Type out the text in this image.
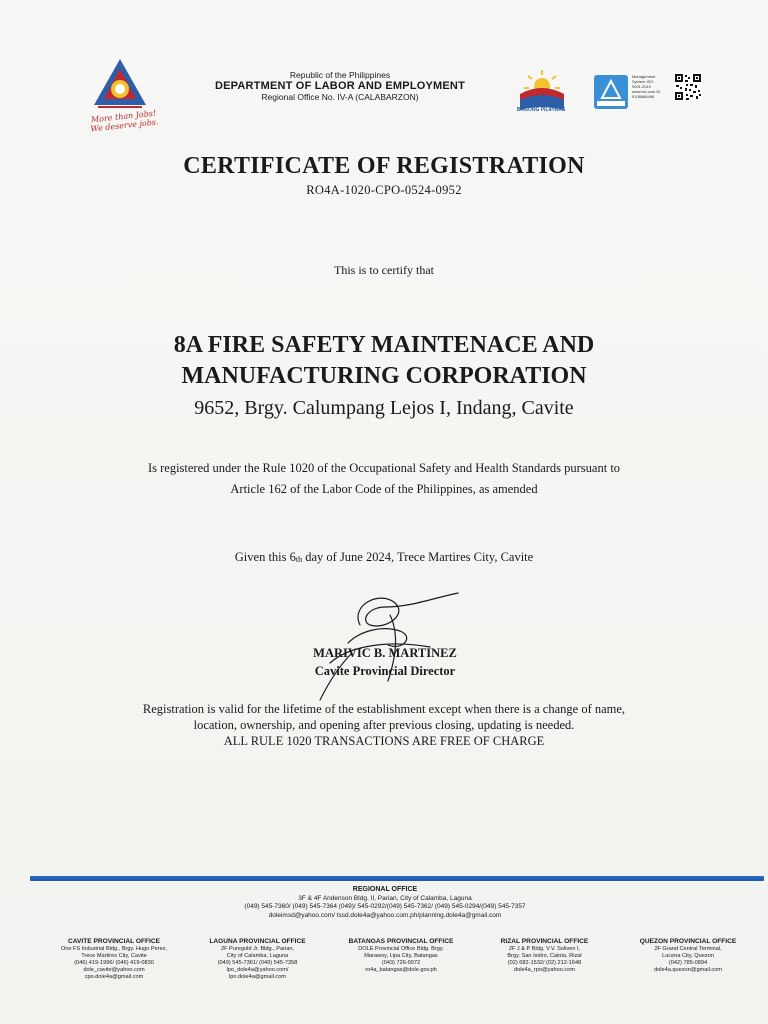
More than Jobs! We deserve jobs.
Republic of the Philippines
DEPARTMENT OF LABOR AND EMPLOYMENT
Regional Office No. IV-A (CALABARZON)
BAGONG PILIPINAS
Management System ISO 9001:2015 www.tuv.com ID 9108686496
CERTIFICATE OF REGISTRATION
RO4A-1020-CPO-0524-0952
This is to certify that
8A FIRE SAFETY MAINTENACE AND
MANUFACTURING CORPORATION
9652, Brgy. Calumpang Lejos I, Indang, Cavite
Is registered under the Rule 1020 of the Occupational Safety and Health Standards pursuant to
Article 162 of the Labor Code of the Philippines, as amended
Given this $6_{th}$ day of June 2024, Trece Martires City, Cavite
MARIVIC B. MARTINEZ
Cavite Provincial Director
Registration is valid for the lifetime of the establishment except when there is a change of name,
location, ownership, and opening after previous closing, updating is needed.
ALL RULE 1020 TRANSACTIONS ARE FREE OF CHARGE
REGIONAL OFFICE
3F & 4F Andenson Bldg. II, Parian, City of Calamba, Laguna
(049) 545-7360/ (049) 545-7364 (049)/ 545-0292/(049) 545-7362/ (049) 545-0294/(049) 545-7357
doleimsd@yahoo.com/ tssd.dole4a@yahoo.com.ph/planning.dole4a@gmail.com
CAVITE PROVINCIAL OFFICE
One FS Industrial Bldg., Brgy. Hugo Perez,
Trece Martires City, Cavite
(046) 419-1996/ (046) 419-0830
dole_cavite@yahoo.com
cpo.dole4a@gmail.com
LAGUNA PROVINCIAL OFFICE
2F Puregold Jr. Bldg., Parian,
City of Calamba, Laguna
(049) 545-7361/ (049) 545-7358
lpo_dole4a@yahoo.com/
lpo.dole4a@gmail.com
BATANGAS PROVINCIAL OFFICE
DOLE Provincial Office Bldg. Brgy.
Marawoy, Lipa City, Batangas
(043) 726-9972
ro4a_batangas@dole.gov.ph
RIZAL PROVINCIAL OFFICE
2F J & P Bldg. V.V. Soliven I,
Brgy. San Isidro, Cainta, Rizal
(02) 682-1532/ (02) 212-1648
dole4a_rpo@yahoo.com
QUEZON PROVINCIAL OFFICE
2F Grand Central Terminal,
Lucena City, Quezon
(042) 785-0894
dole4a.quezon@gmail.com
